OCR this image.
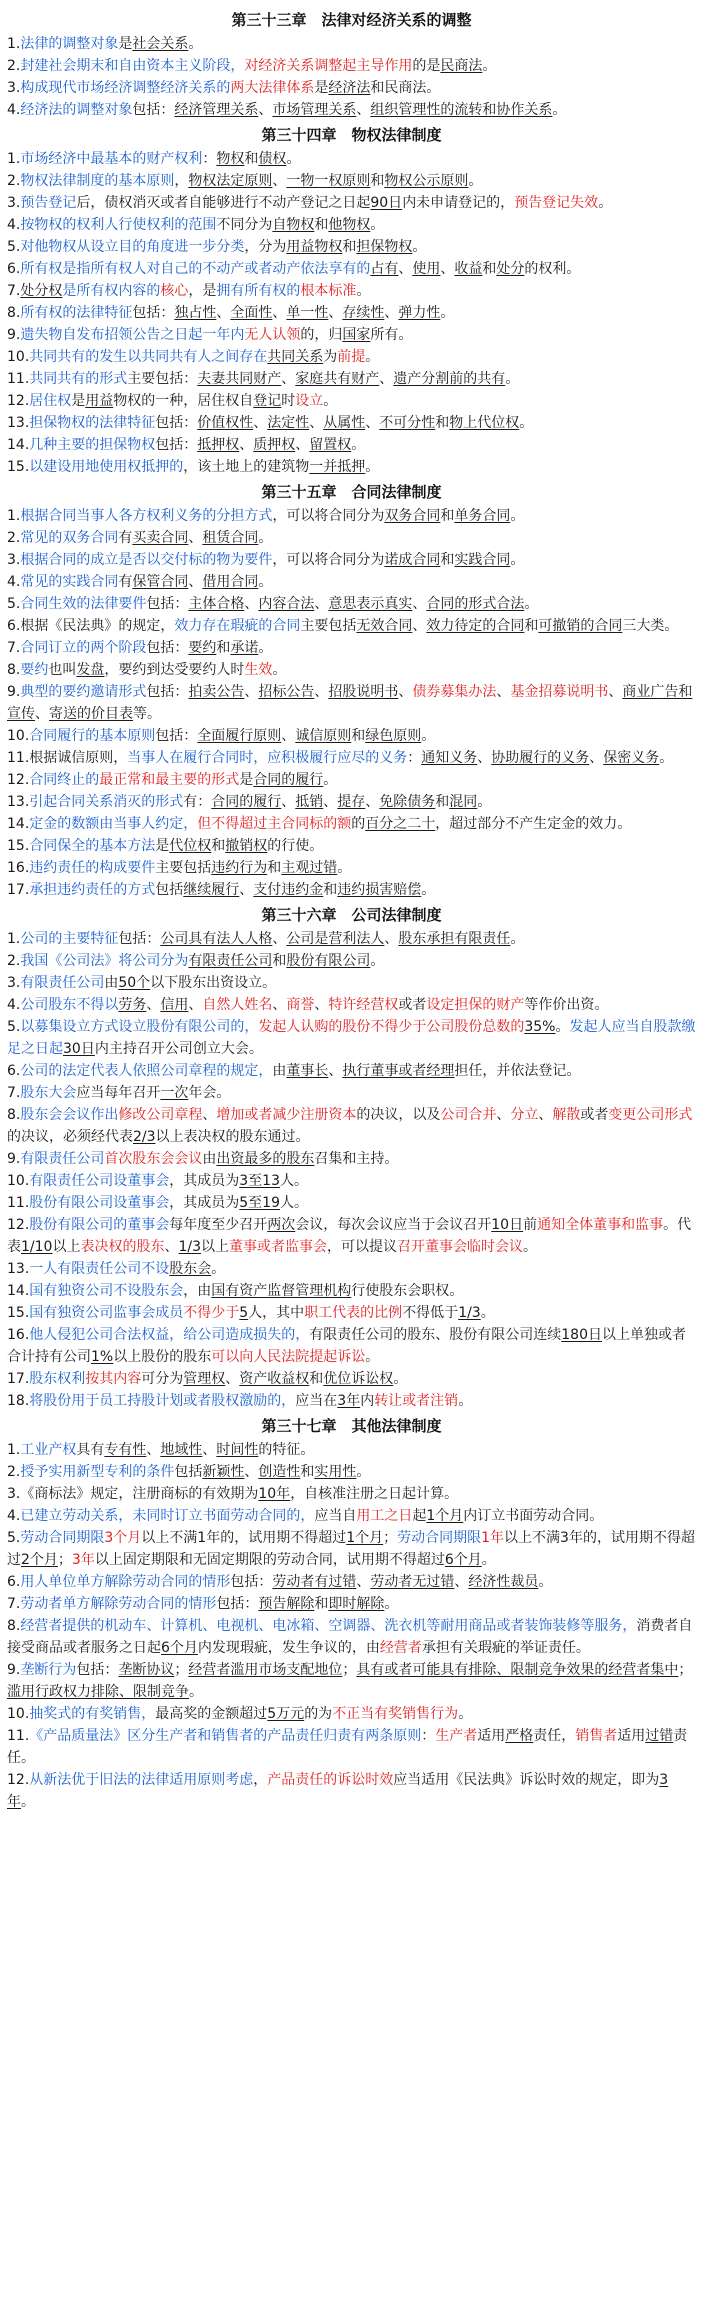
第三十三章　法律对经济关系的调整

1.法律的调整对象是社会关系。

2.封建社会期末和自由资本主义阶段，对经济关系调整起主导作用的是民商法。

3.构成现代市场经济调整经济关系的两大法律体系是经济法和民商法。

4.经济法的调整对象包括：经济管理关系、市场管理关系、组织管理性的流转和协作关系。

第三十四章　物权法律制度

1.市场经济中最基本的财产权利：物权和债权。

2.物权法律制度的基本原则，物权法定原则、一物一权原则和物权公示原则。

3.预告登记后，债权消灭或者自能够进行不动产登记之日起90日内未申请登记的，预告登记失效。

4.按物权的权利人行使权利的范围不同分为自物权和他物权。

5.对他物权从设立目的角度进一步分类，分为用益物权和担保物权。

6.所有权是指所有权人对自己的不动产或者动产依法享有的占有、使用、收益和处分的权利。

7.处分权是所有权内容的核心，是拥有所有权的根本标准。

8.所有权的法律特征包括：独占性、全面性、单一性、存续性、弹力性。

9.遗失物自发布招领公告之日起一年内无人认领的，归国家所有。

10.共同共有的发生以共同共有人之间存在共同关系为前提。

11.共同共有的形式主要包括：夫妻共同财产、家庭共有财产、遗产分割前的共有。

12.居住权是用益物权的一种，居住权自登记时设立。

13.担保物权的法律特征包括：价值权性、法定性、从属性、不可分性和物上代位权。

14.几种主要的担保物权包括：抵押权、质押权、留置权。

15.以建设用地使用权抵押的，该土地上的建筑物一并抵押。

第三十五章　合同法律制度

1.根据合同当事人各方权利义务的分担方式，可以将合同分为双务合同和单务合同。

2.常见的双务合同有买卖合同、租赁合同。

3.根据合同的成立是否以交付标的物为要件，可以将合同分为诺成合同和实践合同。

4.常见的实践合同有保管合同、借用合同。

5.合同生效的法律要件包括：主体合格、内容合法、意思表示真实、合同的形式合法。

6.根据《民法典》的规定，效力存在瑕疵的合同主要包括无效合同、效力待定的合同和可撤销的合同三大类。

7.合同订立的两个阶段包括：要约和承诺。

8.要约也叫发盘，要约到达受要约人时生效。

9.典型的要约邀请形式包括：拍卖公告、招标公告、招股说明书、债券募集办法、基金招募说明书、商业广告和宣传、寄送的价目表等。

10.合同履行的基本原则包括：全面履行原则、诚信原则和绿色原则。

11.根据诚信原则，当事人在履行合同时，应积极履行应尽的义务：通知义务、协助履行的义务、保密义务。

12.合同终止的最正常和最主要的形式是合同的履行。

13.引起合同关系消灭的形式有：合同的履行、抵销、提存、免除债务和混同。

14.定金的数额由当事人约定，但不得超过主合同标的额的百分之二十，超过部分不产生定金的效力。

15.合同保全的基本方法是代位权和撤销权的行使。

16.违约责任的构成要件主要包括违约行为和主观过错。

17.承担违约责任的方式包括继续履行、支付违约金和违约损害赔偿。

第三十六章　公司法律制度

1.公司的主要特征包括：公司具有法人人格、公司是营利法人、股东承担有限责任。

2.我国《公司法》将公司分为有限责任公司和股份有限公司。

3.有限责任公司由50个以下股东出资设立。

4.公司股东不得以劳务、信用、自然人姓名、商誉、特许经营权或者设定担保的财产等作价出资。

5.以募集设立方式设立股份有限公司的，发起人认购的股份不得少于公司股份总数的35%。发起人应当自股款缴足之日起30日内主持召开公司创立大会。

6.公司的法定代表人依照公司章程的规定，由董事长、执行董事或者经理担任，并依法登记。

7.股东大会应当每年召开一次年会。

8.股东会会议作出修改公司章程、增加或者减少注册资本的决议，以及公司合并、分立、解散或者变更公司形式的决议，必须经代表2/3以上表决权的股东通过。

9.有限责任公司首次股东会会议由出资最多的股东召集和主持。

10.有限责任公司设董事会，其成员为3至13人。

11.股份有限公司设董事会，其成员为5至19人。

12.股份有限公司的董事会每年度至少召开两次会议，每次会议应当于会议召开10日前通知全体董事和监事。代表1/10以上表决权的股东、1/3以上董事或者监事会，可以提议召开董事会临时会议。

13.一人有限责任公司不设股东会。

14.国有独资公司不设股东会，由国有资产监督管理机构行使股东会职权。

15.国有独资公司监事会成员不得少于5人，其中职工代表的比例不得低于1/3。

16.他人侵犯公司合法权益，给公司造成损失的，有限责任公司的股东、股份有限公司连续180日以上单独或者合计持有公司1%以上股份的股东可以向人民法院提起诉讼。

17.股东权利按其内容可分为管理权、资产收益权和优位诉讼权。

18.将股份用于员工持股计划或者股权激励的，应当在3年内转让或者注销。

第三十七章　其他法律制度

1.工业产权具有专有性、地域性、时间性的特征。

2.授予实用新型专利的条件包括新颖性、创造性和实用性。

3.《商标法》规定，注册商标的有效期为10年，自核准注册之日起计算。

4.已建立劳动关系，未同时订立书面劳动合同的，应当自用工之日起1个月内订立书面劳动合同。

5.劳动合同期限3个月以上不满1年的，试用期不得超过1个月；劳动合同期限1年以上不满3年的，试用期不得超过2个月；3年以上固定期限和无固定期限的劳动合同，试用期不得超过6个月。

6.用人单位单方解除劳动合同的情形包括：劳动者有过错、劳动者无过错、经济性裁员。

7.劳动者单方解除劳动合同的情形包括：预告解除和即时解除。

8.经营者提供的机动车、计算机、电视机、电冰箱、空调器、洗衣机等耐用商品或者装饰装修等服务，消费者自接受商品或者服务之日起6个月内发现瑕疵，发生争议的，由经营者承担有关瑕疵的举证责任。

9.垄断行为包括：垄断协议；经营者滥用市场支配地位；具有或者可能具有排除、限制竞争效果的经营者集中；滥用行政权力排除、限制竞争。

10.抽奖式的有奖销售，最高奖的金额超过5万元的为不正当有奖销售行为。

11.《产品质量法》区分生产者和销售者的产品责任归责有两条原则：生产者适用严格责任，销售者适用过错责任。

12.从新法优于旧法的法律适用原则考虑，产品责任的诉讼时效应当适用《民法典》诉讼时效的规定，即为3年。
